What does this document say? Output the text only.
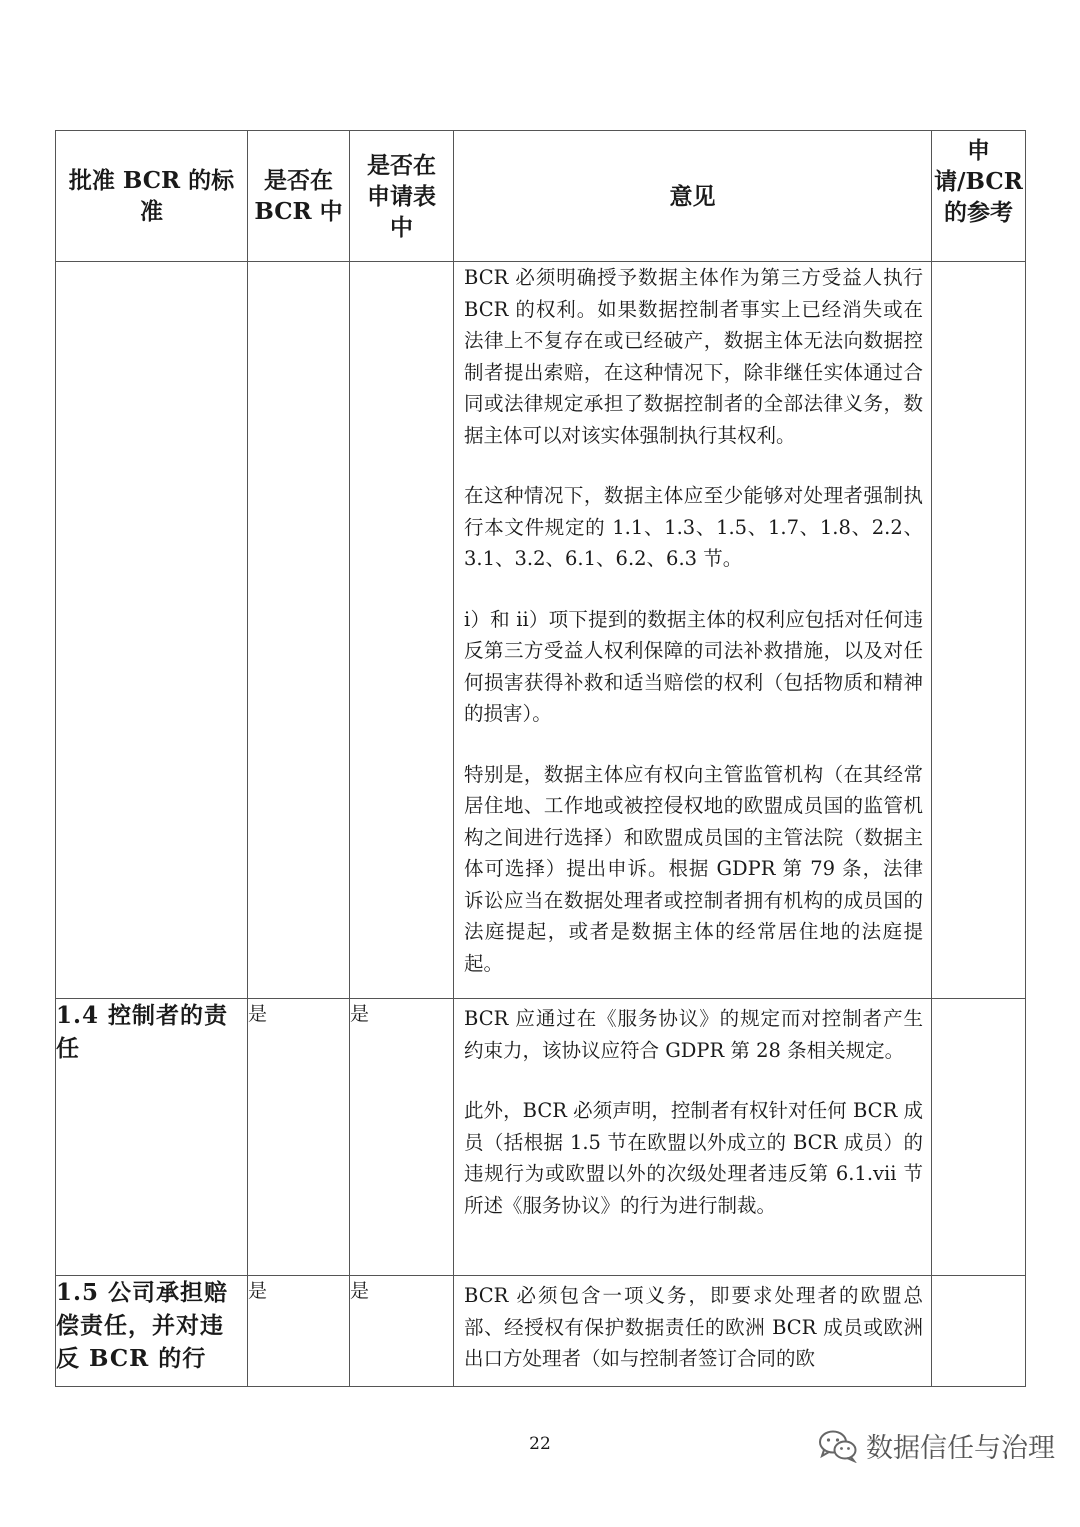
批准 BCR 的标准	是否在 BCR 中	是否在申请表中	意见	申请/BCR的参考

			BCR 必须明确授予数据主体作为第三方受益人执行 BCR 的权利。如果数据控制者事实上已经消失或在法律上不复存在或已经破产，数据主体无法向数据控制者提出索赔，在这种情况下，除非继任实体通过合同或法律规定承担了数据控制者的全部法律义务，数据主体可以对该实体强制执行其权利。
在这种情况下，数据主体应至少能够对处理者强制执行本文件规定的 1.1、1.3、1.5、1.7、1.8、2.2、3.1、3.2、6.1、6.2、6.3 节。
i）和 ii）项下提到的数据主体的权利应包括对任何违反第三方受益人权利保障的司法补救措施，以及对任何损害获得补救和适当赔偿的权利（包括物质和精神的损害）。
特别是，数据主体应有权向主管监管机构（在其经常居住地、工作地或被控侵权地的欧盟成员国的监管机构之间进行选择）和欧盟成员国的主管法院（数据主体可选择）提出申诉。根据 GDPR 第 79 条，法律诉讼应当在数据处理者或控制者拥有机构的成员国的法庭提起，或者是数据主体的经常居住地的法庭提起。	

1.4 控制者的责任	是	是	BCR 应通过在《服务协议》的规定而对控制者产生约束力，该协议应符合 GDPR 第 28 条相关规定。
此外，BCR 必须声明，控制者有权针对任何 BCR 成员（括根据 1.5 节在欧盟以外成立的 BCR 成员）的违规行为或欧盟以外的次级处理者违反第 6.1.vii 节所述《服务协议》的行为进行制裁。	

1.5 公司承担赔偿责任，并对违反 BCR 的行	是	是	BCR 必须包含一项义务，即要求处理者的欧盟总部、经授权有保护数据责任的欧洲 BCR 成员或欧洲出口方处理者（如与控制者签订合同的欧	

22	数据信任与治理
